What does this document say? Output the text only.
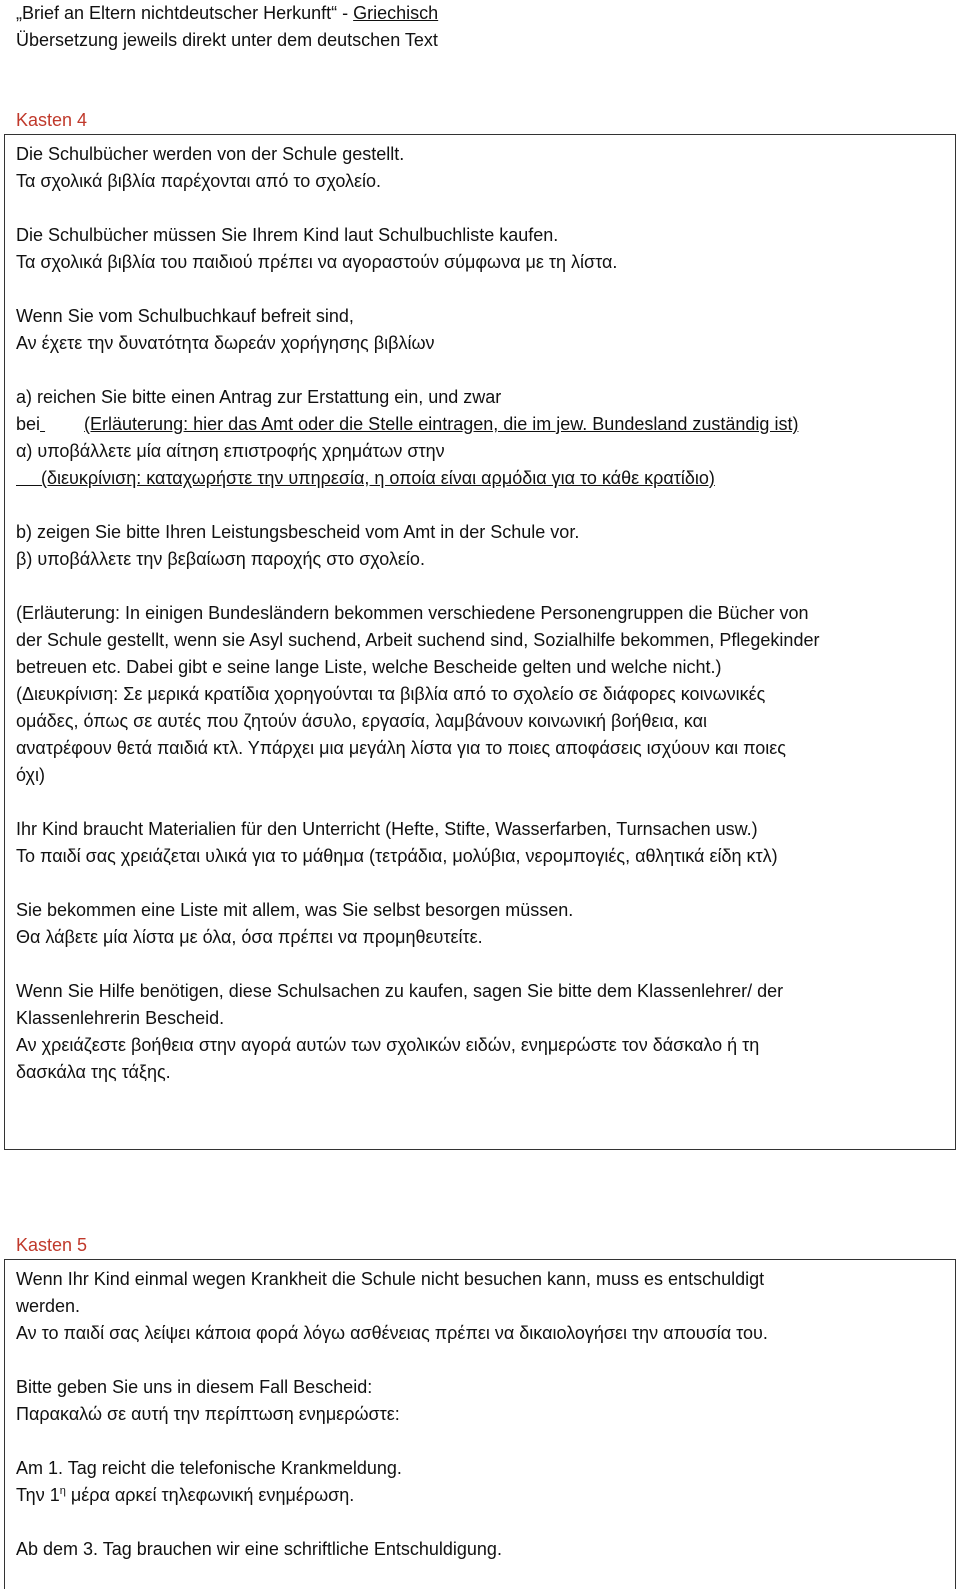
„Brief an Eltern nichtdeutscher Herkunft“ - Griechisch
Übersetzung jeweils direkt unter dem deutschen Text
Kasten 4
Die Schulbücher werden von der Schule gestellt.
Τα σχολικά βιβλία παρέχονται από το σχολείο.
Die Schulbücher müssen Sie Ihrem Kind laut Schulbuchliste kaufen.
Τα σχολικά βιβλία του παιδιού πρέπει να αγοραστούν σύμφωνα με τη λίστα.
Wenn Sie vom Schulbuchkauf befreit sind,
Αν έχετε την δυνατότητα δωρεάν χορήγησης βιβλίων
a) reichen Sie bitte einen Antrag zur Erstattung ein, und zwar
bei (Erläuterung: hier das Amt oder die Stelle eintragen, die im jew. Bundesland zuständig ist)
α) υποβάλλετε μία αίτηση επιστροφής χρημάτων στην
(διευκρίνιση: καταχωρήστε την υπηρεσία, η οποία είναι αρμόδια για το κάθε κρατίδιο)
b) zeigen Sie bitte Ihren Leistungsbescheid vom Amt in der Schule vor.
β) υποβάλλετε την βεβαίωση παροχής στο σχολείο.
(Erläuterung: In einigen Bundesländern bekommen verschiedene Personengruppen die Bücher von
der Schule gestellt, wenn sie Asyl suchend, Arbeit suchend sind, Sozialhilfe bekommen, Pflegekinder
betreuen etc. Dabei gibt e seine lange Liste, welche Bescheide gelten und welche nicht.)
(Διευκρίνιση: Σε μερικά κρατίδια χορηγούνται τα βιβλία από το σχολείο σε διάφορες κοινωνικές
ομάδες, όπως σε αυτές που ζητούν άσυλο, εργασία, λαμβάνουν κοινωνική βοήθεια, και
ανατρέφουν θετά παιδιά κτλ. Υπάρχει μια μεγάλη λίστα για το ποιες αποφάσεις ισχύουν και ποιες
όχι)
Ihr Kind braucht Materialien für den Unterricht (Hefte, Stifte, Wasserfarben, Turnsachen usw.)
Το παιδί σας χρειάζεται υλικά για το μάθημα (τετράδια, μολύβια, νερομπογιές, αθλητικά είδη κτλ)
Sie bekommen eine Liste mit allem, was Sie selbst besorgen müssen.
Θα λάβετε μία λίστα με όλα, όσα πρέπει να προμηθευτείτε.
Wenn Sie Hilfe benötigen, diese Schulsachen zu kaufen, sagen Sie bitte dem Klassenlehrer/ der
Klassenlehrerin Bescheid.
Αν χρειάζεστε βοήθεια στην αγορά αυτών των σχολικών ειδών, ενημερώστε τον δάσκαλο ή τη
δασκάλα της τάξης.
Kasten 5
Wenn Ihr Kind einmal wegen Krankheit die Schule nicht besuchen kann, muss es entschuldigt
werden.
Αν το παιδί σας λείψει κάποια φορά λόγω ασθένειας πρέπει να δικαιολογήσει την απουσία του.
Bitte geben Sie uns in diesem Fall Bescheid:
Παρακαλώ σε αυτή την περίπτωση ενημερώστε:
Am 1. Tag reicht die telefonische Krankmeldung.
Την $1^\eta$ μέρα αρκεί τηλεφωνική ενημέρωση.
Ab dem 3. Tag brauchen wir eine schriftliche Entschuldigung.
